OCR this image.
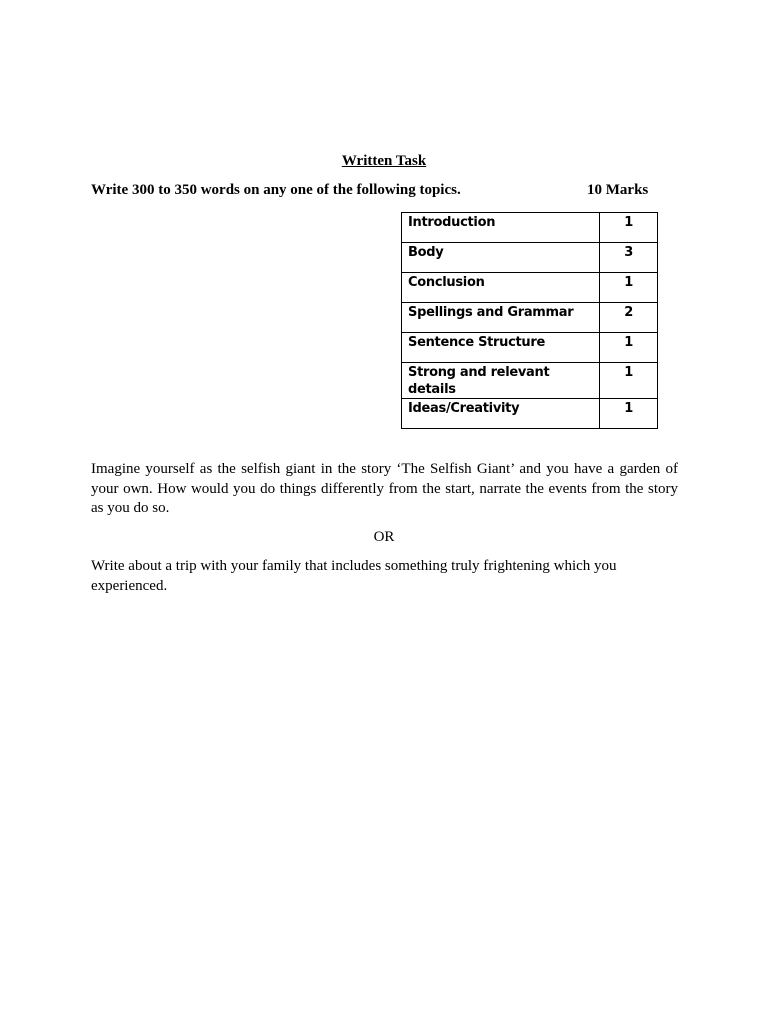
Written Task
Write 300 to 350 words on any one of the following topics.	10 Marks
Introduction	1
Body	3
Conclusion	1
Spellings and Grammar	2
Sentence Structure	1
Strong and relevant details	1
Ideas/Creativity	1
Imagine yourself as the selfish giant in the story ‘The Selfish Giant’ and you have a garden of your own. How would you do things differently from the start, narrate the events from the story as you do so.
OR
Write about a trip with your family that includes something truly frightening which you experienced.
